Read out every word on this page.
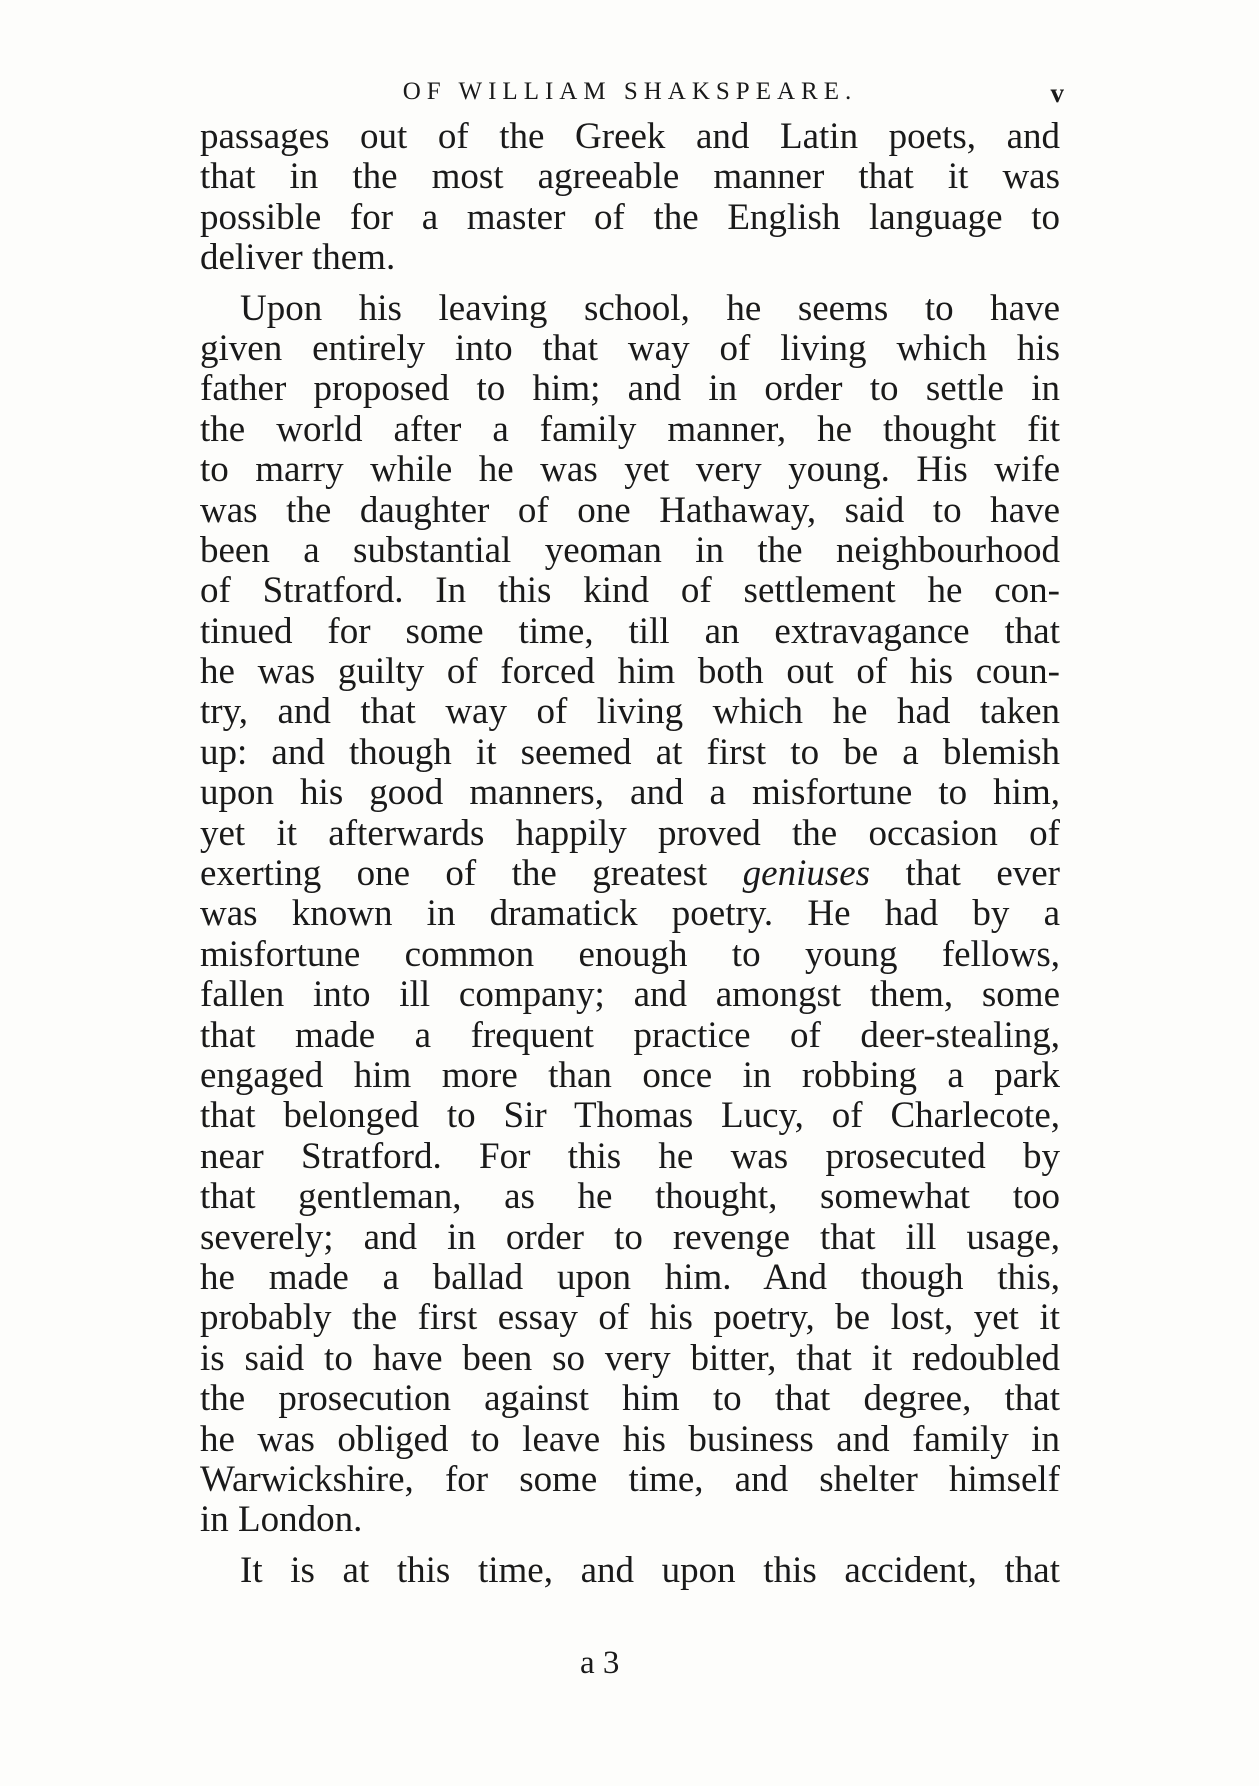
OF WILLIAM SHAKSPEARE.	v
passages out of the Greek and Latin poets, and
that in the most agreeable manner that it was
possible for a master of the English language to
deliver them.
Upon his leaving school, he seems to have
given entirely into that way of living which his
father proposed to him; and in order to settle in
the world after a family manner, he thought fit
to marry while he was yet very young. His wife
was the daughter of one Hathaway, said to have
been a substantial yeoman in the neighbourhood
of Stratford. In this kind of settlement he con-
tinued for some time, till an extravagance that
he was guilty of forced him both out of his coun-
try, and that way of living which he had taken
up: and though it seemed at first to be a blemish
upon his good manners, and a misfortune to him,
yet it afterwards happily proved the occasion of
exerting one of the greatest geniuses that ever
was known in dramatick poetry. He had by a
misfortune common enough to young fellows,
fallen into ill company; and amongst them, some
that made a frequent practice of deer-stealing,
engaged him more than once in robbing a park
that belonged to Sir Thomas Lucy, of Charlecote,
near Stratford. For this he was prosecuted by
that gentleman, as he thought, somewhat too
severely; and in order to revenge that ill usage,
he made a ballad upon him. And though this,
probably the first essay of his poetry, be lost, yet it
is said to have been so very bitter, that it redoubled
the prosecution against him to that degree, that
he was obliged to leave his business and family in
Warwickshire, for some time, and shelter himself
in London.
It is at this time, and upon this accident, that
a 3
